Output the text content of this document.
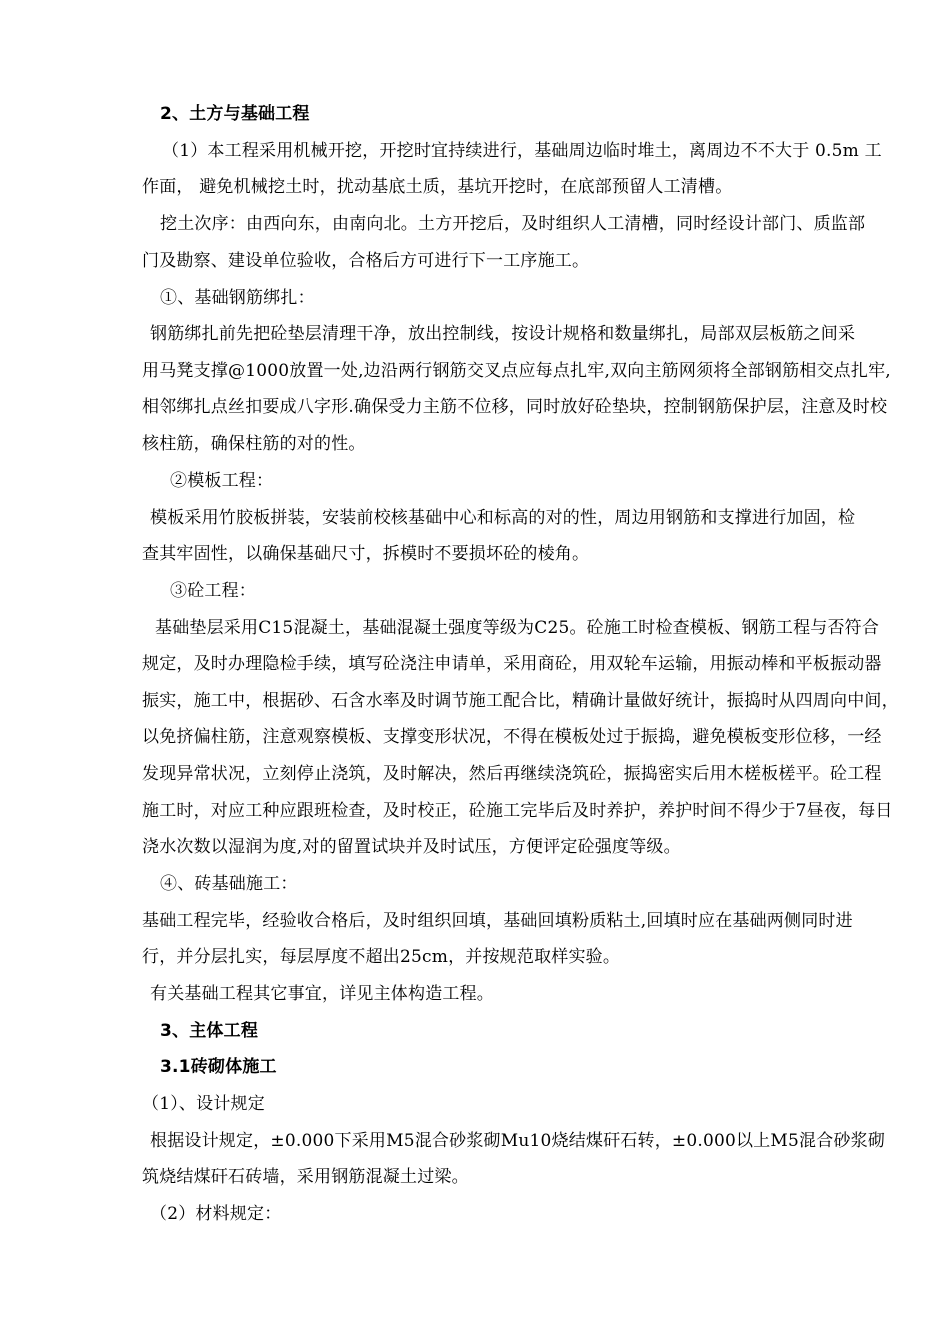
2、土方与基础工程
（1）本工程采用机械开挖，开挖时宜持续进行，基础周边临时堆土，离周边不不大于 0.5m 工
作面， 避免机械挖土时，扰动基底土质，基坑开挖时，在底部预留人工清槽。
挖土次序：由西向东，由南向北。土方开挖后，及时组织人工清槽，同时经设计部门、质监部
门及勘察、建设单位验收，合格后方可进行下一工序施工。
①、基础钢筋绑扎：
钢筋绑扎前先把砼垫层清理干净，放出控制线，按设计规格和数量绑扎，局部双层板筋之间采
用马凳支撑@1000放置一处,边沿两行钢筋交叉点应每点扎牢,双向主筋网须将全部钢筋相交点扎牢,
相邻绑扎点丝扣要成八字形.确保受力主筋不位移，同时放好砼垫块，控制钢筋保护层，注意及时校
核柱筋，确保柱筋的对的性。
②模板工程：
模板采用竹胶板拼装，安装前校核基础中心和标高的对的性，周边用钢筋和支撑进行加固，检
查其牢固性，以确保基础尺寸，拆模时不要损坏砼的棱角。
③砼工程：
基础垫层采用C15混凝土，基础混凝土强度等级为C25。砼施工时检查模板、钢筋工程与否符合
规定，及时办理隐检手续，填写砼浇注申请单，采用商砼，用双轮车运输，用振动棒和平板振动器
振实，施工中，根据砂、石含水率及时调节施工配合比，精确计量做好统计，振捣时从四周向中间，
以免挤偏柱筋，注意观察模板、支撑变形状况，不得在模板处过于振捣，避免模板变形位移，一经
发现异常状况，立刻停止浇筑，及时解决，然后再继续浇筑砼，振捣密实后用木槎板槎平。砼工程
施工时，对应工种应跟班检查，及时校正，砼施工完毕后及时养护，养护时间不得少于7昼夜，每日
浇水次数以湿润为度,对的留置试块并及时试压，方便评定砼强度等级。
④、砖基础施工：
基础工程完毕，经验收合格后，及时组织回填，基础回填粉质粘土,回填时应在基础两侧同时进
行，并分层扎实，每层厚度不超出25cm，并按规范取样实验。
有关基础工程其它事宜，详见主体构造工程。
3、主体工程
3.1砖砌体施工
（1）、设计规定
根据设计规定，±0.000下采用M5混合砂浆砌Mu10烧结煤矸石转，±0.000以上M5混合砂浆砌
筑烧结煤矸石砖墙，采用钢筋混凝土过梁。
（2）材料规定：
